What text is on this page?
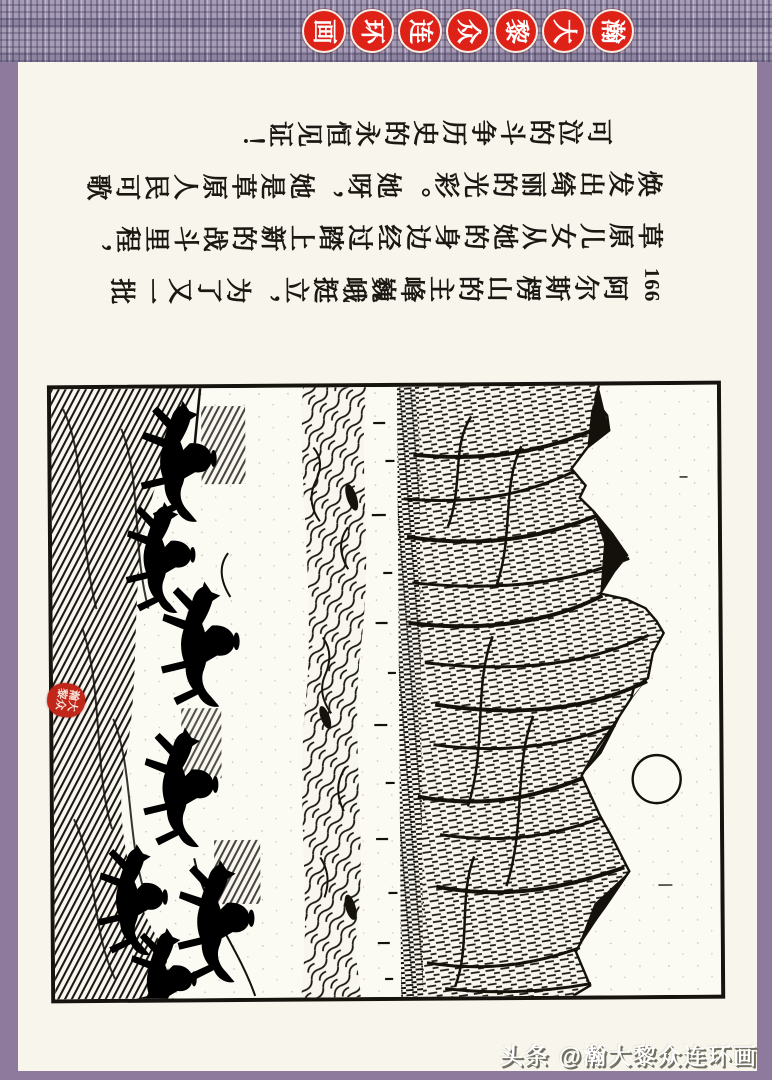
画 环 连 众 黎 大 瀚

166阿尔斯楞山的主峰巍峨挺立，为了又一批

草原儿女从她的身边经过踏上新的战斗里程，

焕发出绮丽的光彩。她呀，她是草原人民可歌

可泣的斗争历史的永恒见证！

瀚大黎众
头条 @瀚大黎众连环画
